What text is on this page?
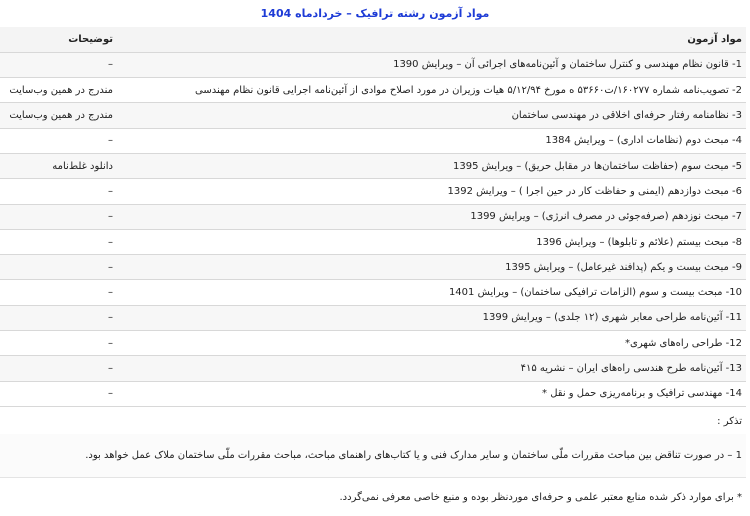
مواد آزمون رشته ترافیک – خردادماه 1404
مواد آزمون	توضیحات
1- قانون نظام مهندسی و کنترل ساختمان و آئین‌نامه‌های اجرائی آن – ویرایش 1390	–
2- تصویب‌نامه شماره ۱۶۰۲۷۷/ت۵۳۶۶۰ ه مورخ ۵/۱۲/۹۴ هیات وزیران در مورد اصلاح موادی از آئین‌نامه اجرایی قانون نظام مهندسی	مندرج در همین وب‌سایت
3- نظامنامه رفتار حرفه‌ای اخلاقی در مهندسی ساختمان	مندرج در همین وب‌سایت
4- مبحث دوم (نظامات اداری) – ویرایش 1384	–
5- مبحث سوم (حفاظت ساختمان‌ها در مقابل حریق) – ویرایش 1395	دانلود غلط‌نامه
6- مبحث دوازدهم (ایمنی و حفاظت کار در حین اجرا ) – ویرایش 1392	–
7- مبحث نوزدهم (صرفه‌جوئی در مصرف انرژی) – ویرایش 1399	–
8- مبحث بیستم (علائم و تابلوها) – ویرایش 1396	–
9- مبحث بیست و یکم (پدافند غیرعامل) – ویرایش 1395	–
10- مبحث بیست و سوم (الزامات ترافیکی ساختمان) – ویرایش 1401	–
11- آئین‌نامه طراحی معابر شهری (۱۲ جلدی) – ویرایش 1399	–
12- طراحی راه‌های شهری*	–
13- آئین‌نامه طرح هندسی راه‌های ایران – نشریه ۴۱۵	–
14- مهندسی ترافیک و برنامه‌ریزی حمل و نقل *	–
تذکر :
1 – در صورت تناقض بین مباحث مقررات ملّی ساختمان و سایر مدارک فنی و یا کتاب‌های راهنمای مباحث، مباحث مقررات ملّی ساختمان ملاک عمل خواهد بود.
* برای موارد ذکر شده منابع معتبر علمی و حرفه‌ای موردنظر بوده و منبع خاصی معرفی نمی‌گردد.
